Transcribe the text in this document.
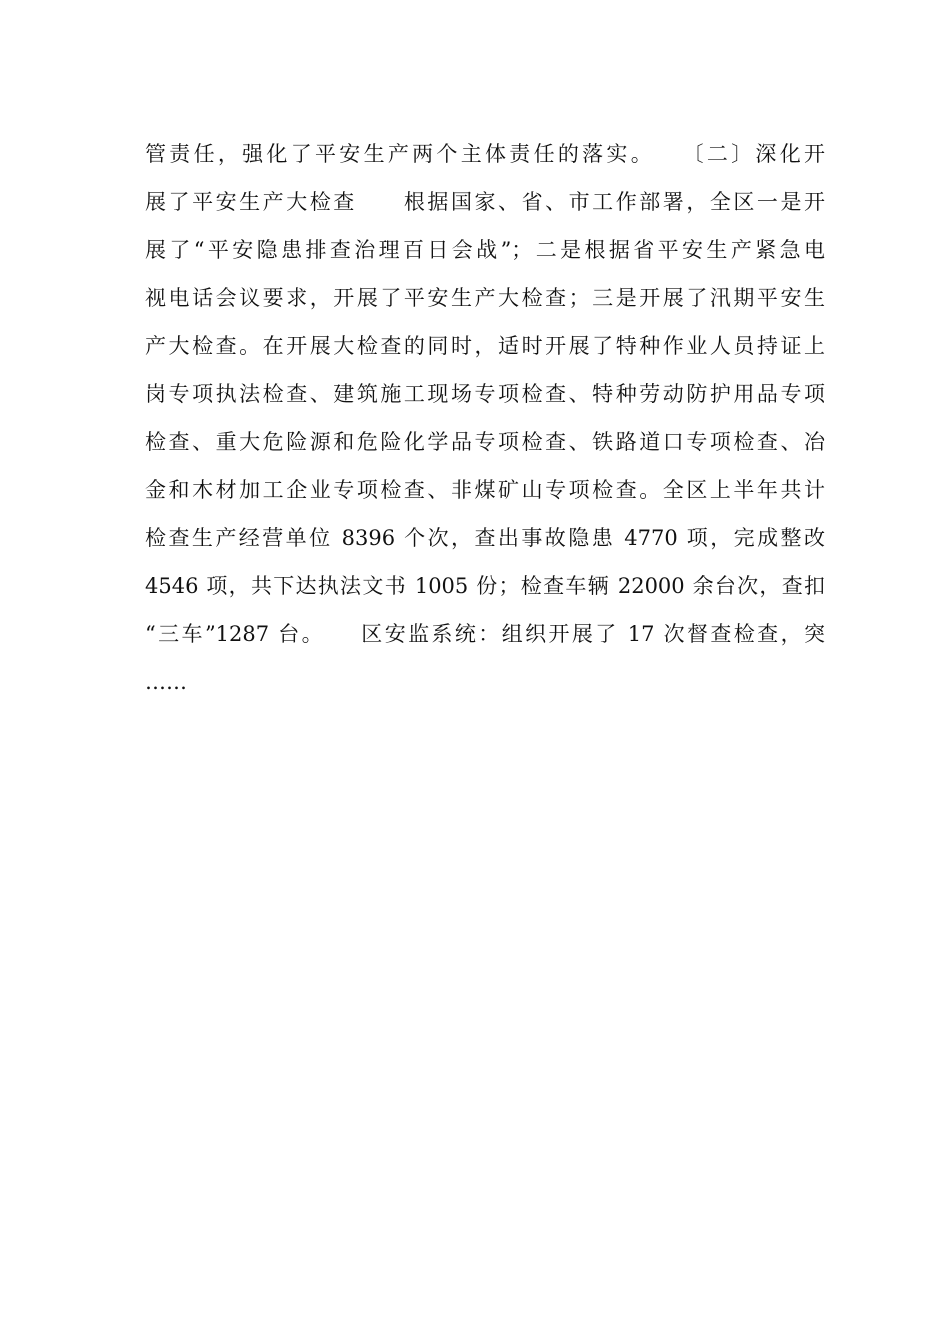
管责任，强化了平安生产两个主体责任的落实。　　〔二〕深化开
展了平安生产大检查　　根据国家、省、市工作部署，全区一是开
展了“平安隐患排查治理百日会战”；二是根据省平安生产紧急电
视电话会议要求，开展了平安生产大检查；三是开展了汛期平安生
产大检查。在开展大检查的同时，适时开展了特种作业人员持证上
岗专项执法检查、建筑施工现场专项检查、特种劳动防护用品专项
检查、重大危险源和危险化学品专项检查、铁路道口专项检查、冶
金和木材加工企业专项检查、非煤矿山专项检查。全区上半年共计
检查生产经营单位 8396 个次，查出事故隐患 4770 项，完成整改
4546 项，共下达执法文书 1005 份；检查车辆 22000 余台次，查扣
“三车”1287 台。　　区安监系统：组织开展了 17 次督查检查，突
……
